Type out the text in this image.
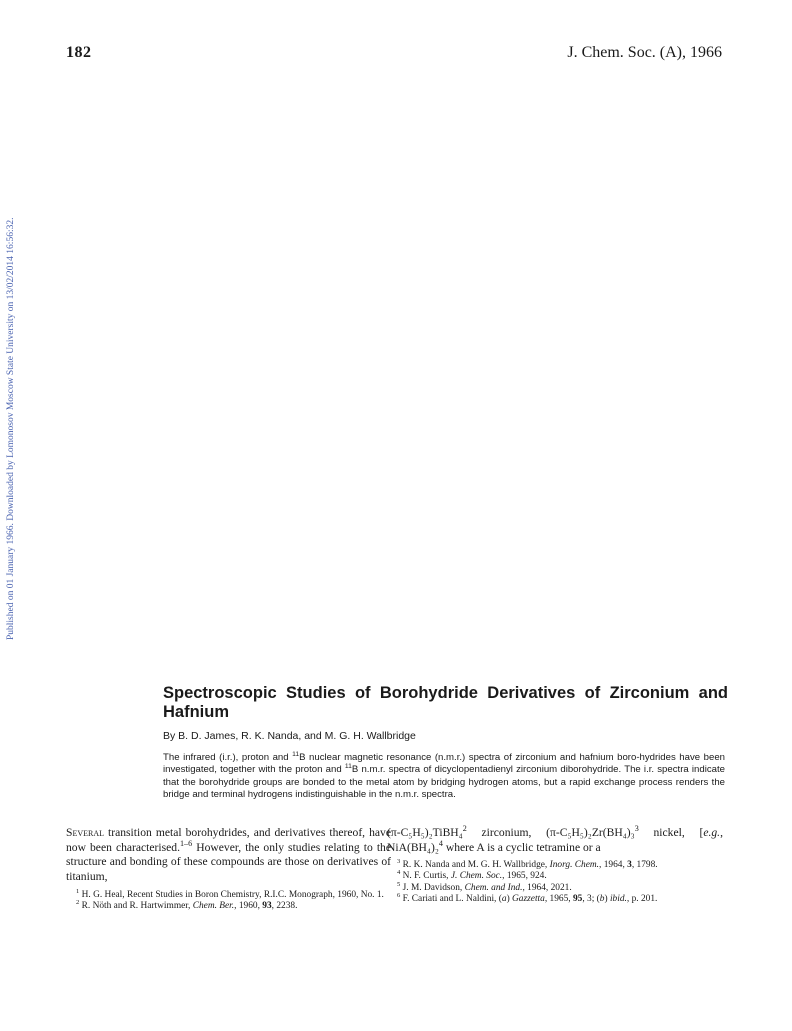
182	J. Chem. Soc. (A), 1966
Published on 01 January 1966. Downloaded by Lomonosov Moscow State University on 13/02/2014 16:56:32.
Spectroscopic Studies of Borohydride Derivatives of Zirconium and Hafnium
By B. D. James, R. K. Nanda, and M. G. H. Wallbridge

The infrared (i.r.), proton and $^{11}$B nuclear magnetic resonance (n.m.r.) spectra of zirconium and hafnium boro-hydrides have been investigated, together with the proton and $^{11}$B n.m.r. spectra of dicyclopentadienyl zirconium diborohydride. The i.r. spectra indicate that the borohydride groups are bonded to the metal atom by bridging hydrogen atoms, but a rapid exchange process renders the bridge and terminal hydrogens indistinguishable in the n.m.r. spectra.

Several transition metal borohydrides, and derivatives thereof, have now been characterised.$^{1-6}$ However, the only studies relating to the structure and bonding of these compounds are those on derivatives of titanium,

$^1$ H. G. Heal, Recent Studies in Boron Chemistry, R.I.C. Monograph, 1960, No. 1.

$^2$ R. Nöth and R. Hartwimmer, Chem. Ber., 1960, 93, 2238.

(π-C₅H₅)₂TiBH₄$^2$ zirconium, (π-C₅H₅)₂Zr(BH₄)₃$^3$ nickel, [e.g., NiA(BH₄)₂$^4$ where A is a cyclic tetramine or a

$^3$ R. K. Nanda and M. G. H. Wallbridge, Inorg. Chem., 1964, 3, 1798.

$^4$ N. F. Curtis, J. Chem. Soc., 1965, 924.

$^5$ J. M. Davidson, Chem. and Ind., 1964, 2021.

$^6$ F. Cariati and L. Naldini, (a) Gazzetta, 1965, 95, 3; (b) ibid., p. 201.
